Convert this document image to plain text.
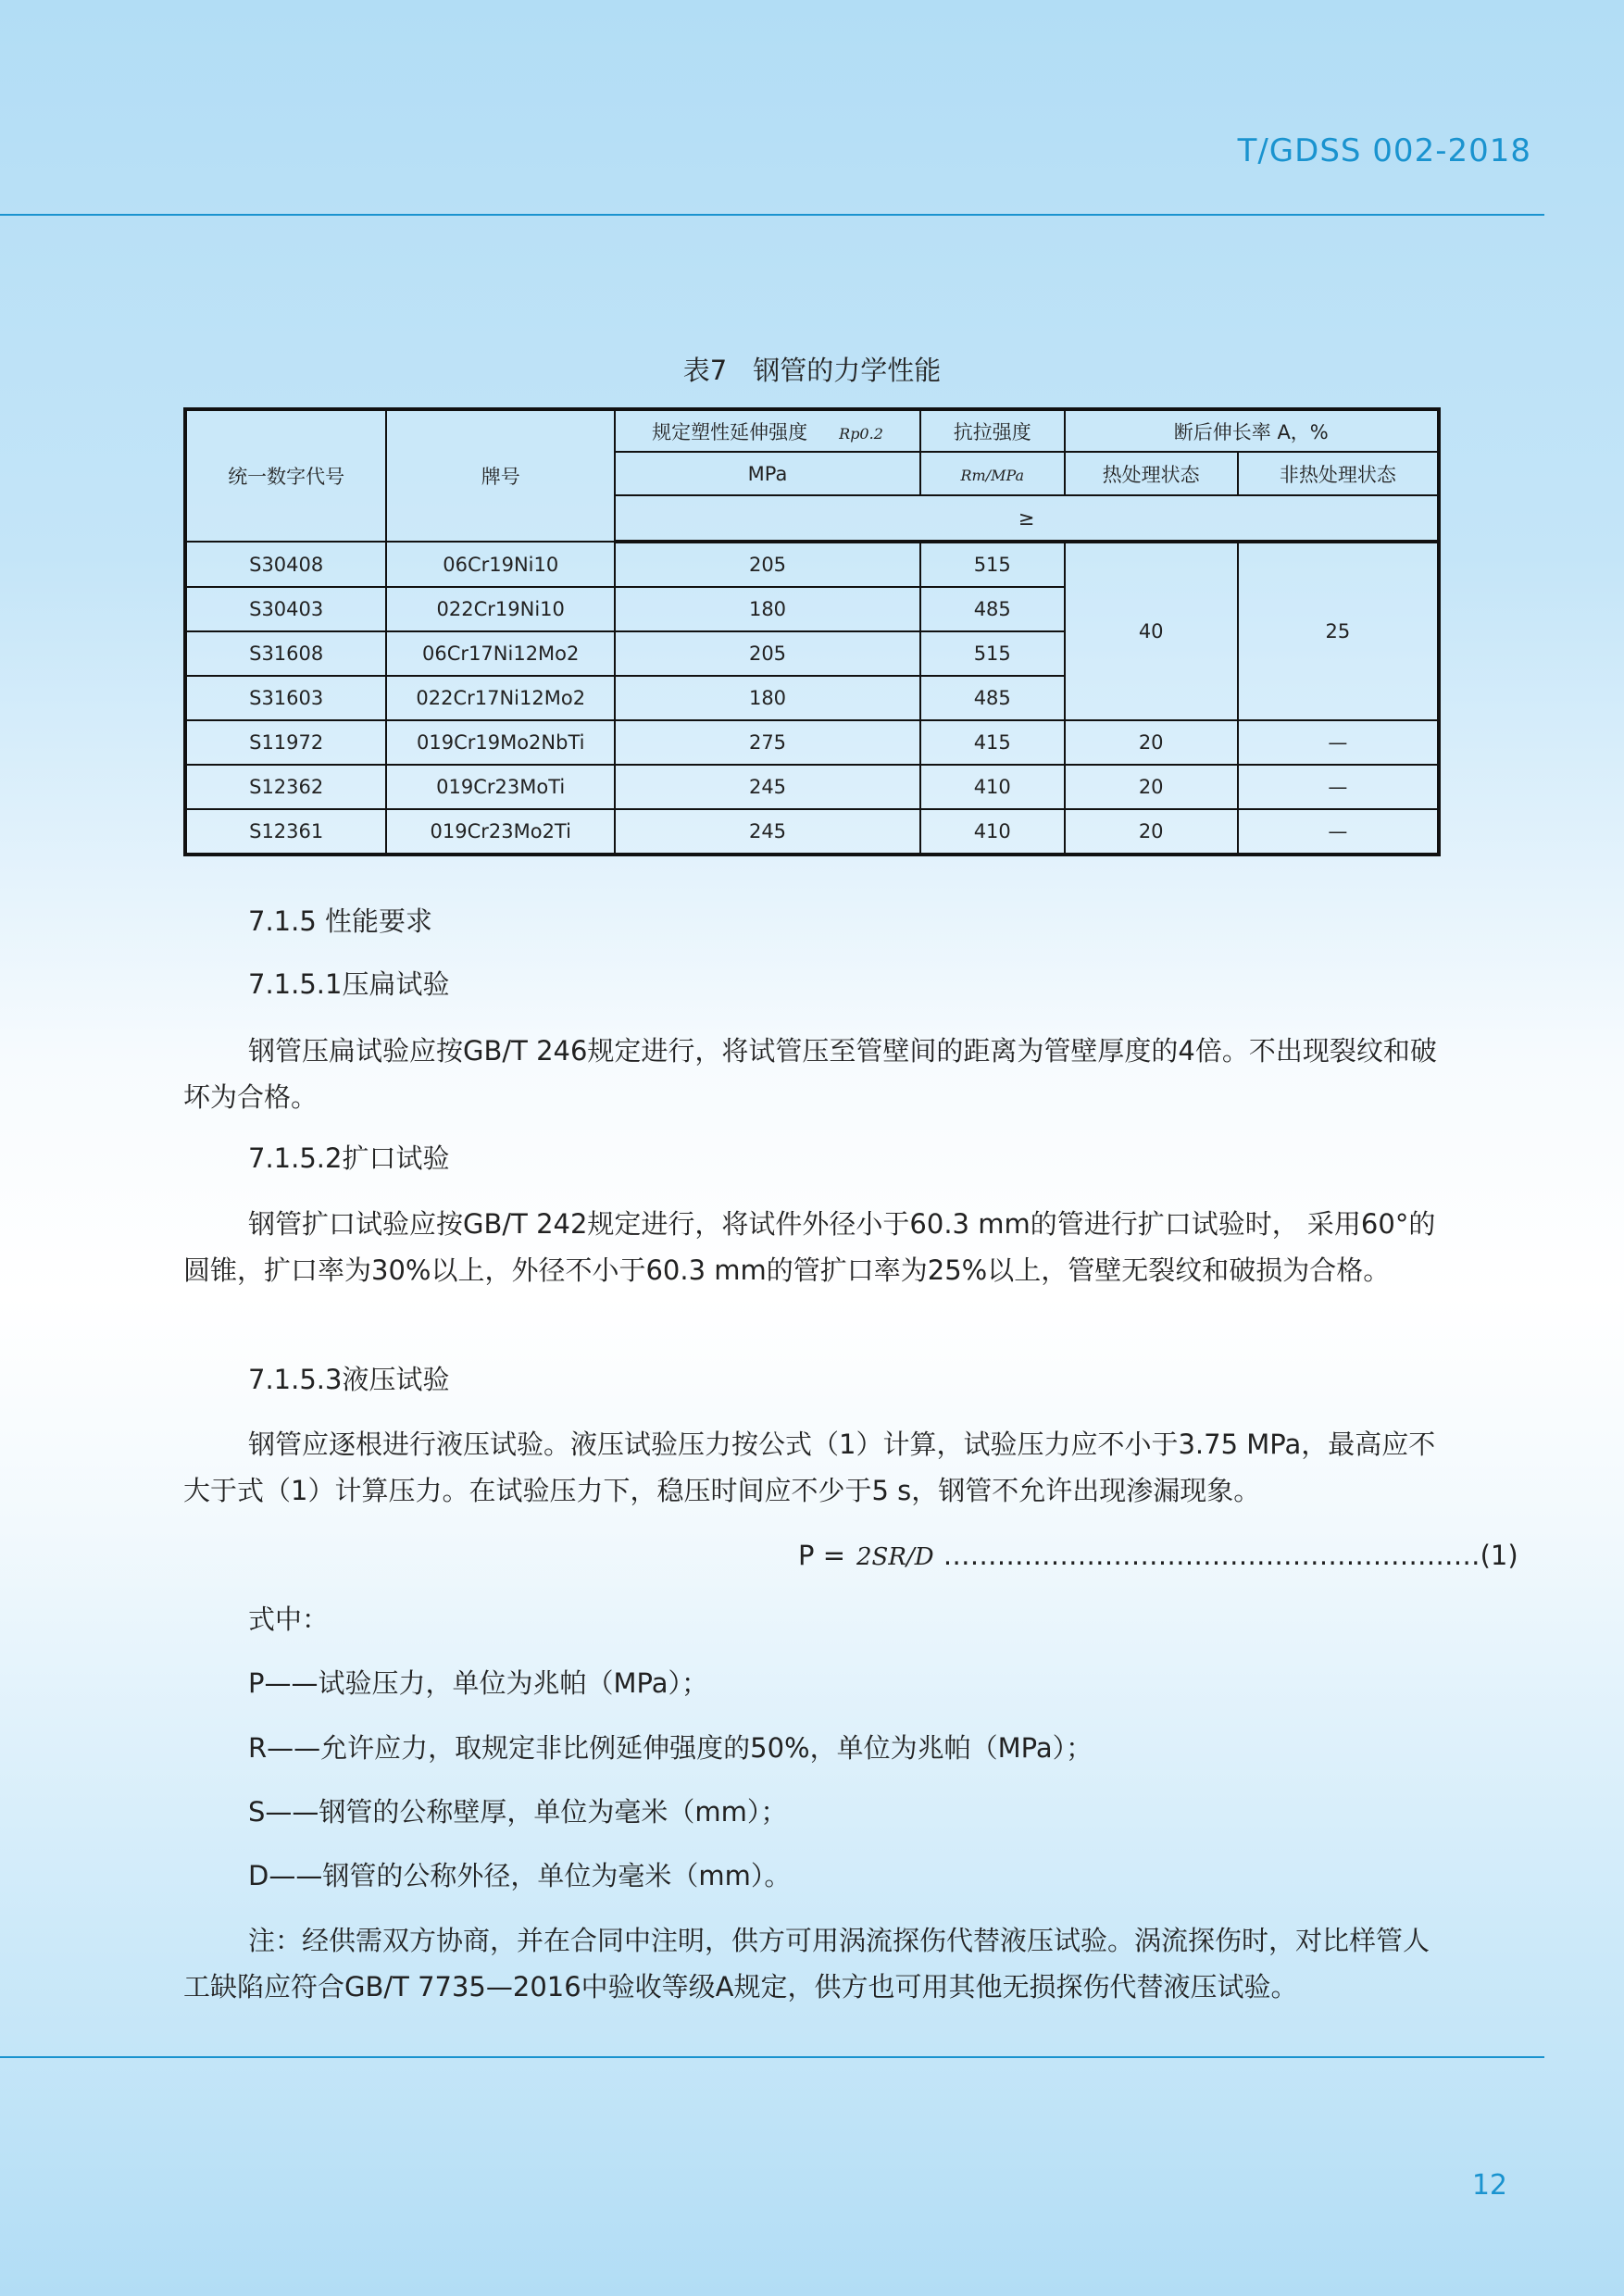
T/GDSS 002-2018
表7 钢管的力学性能
统一数字代号	牌号	规定塑性延伸强度 Rp0.2	抗拉强度	断后伸长率 A，%	
		MPa	Rm/MPa	热处理状态	非热处理状态
		≥			
S30408	06Cr19Ni10	205	515	40	25
S30403	022Cr19Ni10	180	485		
S31608	06Cr17Ni12Mo2	205	515		
S31603	022Cr17Ni12Mo2	180	485		
S11972	019Cr19Mo2NbTi	275	415	20	—
S12362	019Cr23MoTi	245	410	20	—
S12361	019Cr23Mo2Ti	245	410	20	—

7.1.5 性能要求

7.1.5.1压扁试验

钢管压扁试验应按GB/T 246规定进行，将试管压至管壁间的距离为管壁厚度的4倍。不出现裂纹和破坏为合格。

7.1.5.2扩口试验

钢管扩口试验应按GB/T 242规定进行，将试件外径小于60.3 mm的管进行扩口试验时， 采用60°的圆锥，扩口率为30%以上，外径不小于60.3 mm的管扩口率为25%以上，管壁无裂纹和破损为合格。

7.1.5.3液压试验

钢管应逐根进行液压试验。液压试验压力按公式（1）计算，试验压力应不小于3.75 MPa，最高应不大于式（1）计算压力。在试验压力下，稳压时间应不少于5 s，钢管不允许出现渗漏现象。

P = 2SR/D ……………………………………………………(1)

式中：

P——试验压力，单位为兆帕（MPa）；

R——允许应力，取规定非比例延伸强度的50%，单位为兆帕（MPa）；

S——钢管的公称壁厚，单位为毫米（mm）；

D——钢管的公称外径，单位为毫米（mm）。

注：经供需双方协商，并在合同中注明，供方可用涡流探伤代替液压试验。涡流探伤时，对比样管人工缺陷应符合GB/T 7735—2016中验收等级A规定，供方也可用其他无损探伤代替液压试验。

12
